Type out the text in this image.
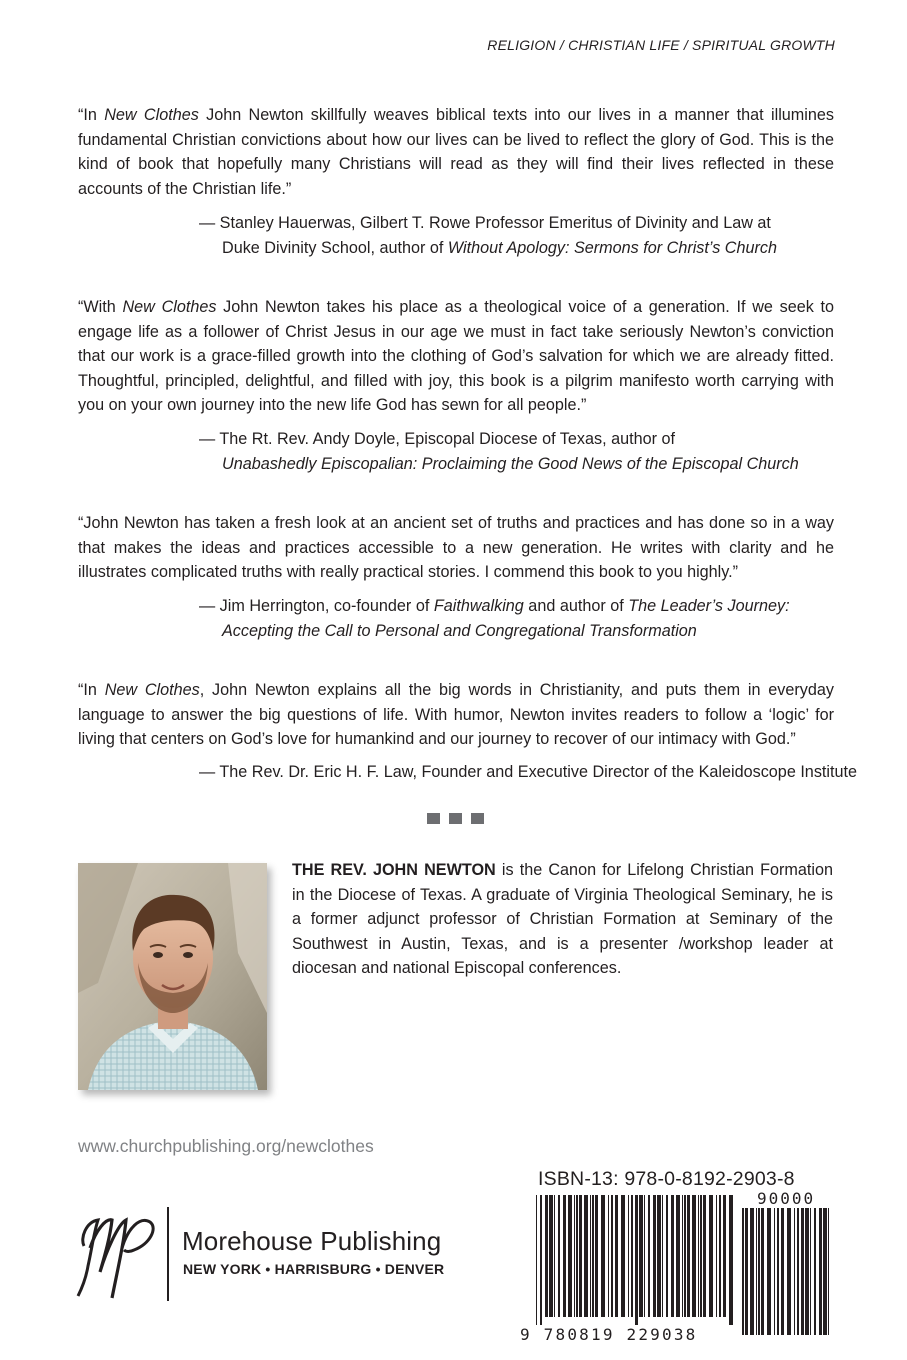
RELIGION / CHRISTIAN LIFE / SPIRITUAL GROWTH
“In New Clothes John Newton skillfully weaves biblical texts into our lives in a manner that illumines fundamental Christian convictions about how our lives can be lived to reflect the glory of God. This is the kind of book that hopefully many Christians will read as they will find their lives reflected in these accounts of the Christian life.”
— Stanley Hauerwas, Gilbert T. Rowe Professor Emeritus of Divinity and Law at
Duke Divinity School, author of Without Apology: Sermons for Christ’s Church
“With New Clothes John Newton takes his place as a theological voice of a generation. If we seek to engage life as a follower of Christ Jesus in our age we must in fact take seriously Newton’s conviction that our work is a grace-filled growth into the clothing of God’s salvation for which we are already fitted. Thoughtful, principled, delightful, and filled with joy, this book is a pilgrim manifesto worth carrying with you on your own journey into the new life God has sewn for all people.”
— The Rt. Rev. Andy Doyle, Episcopal Diocese of Texas, author of
Unabashedly Episcopalian: Proclaiming the Good News of the Episcopal Church
“John Newton has taken a fresh look at an ancient set of truths and practices and has done so in a way that makes the ideas and practices accessible to a new generation. He writes with clarity and he illustrates complicated truths with really practical stories. I commend this book to you highly.”
— Jim Herrington, co-founder of Faithwalking and author of The Leader’s Journey:
Accepting the Call to Personal and Congregational Transformation
“In New Clothes, John Newton explains all the big words in Christianity, and puts them in everyday language to answer the big questions of life. With humor, Newton invites readers to follow a ‘logic’ for living that centers on God’s love for humankind and our journey to recover of our intimacy with God.”
— The Rev. Dr. Eric H. F. Law, Founder and Executive Director of the Kaleidoscope Institute
THE REV. JOHN NEWTON is the Canon for Lifelong Christian Formation in the Diocese of Texas. A graduate of Virginia Theological Seminary, he is a former adjunct professor of Christian Formation at Seminary of the Southwest in Austin, Texas, and is a presenter /workshop leader at diocesan and national Episcopal conferences.
www.churchpublishing.org/newclothes
Morehouse Publishing
NEW YORK • HARRISBURG • DENVER
ISBN-13: 978-0-8192-2903-8
90000
9 780819 229038
